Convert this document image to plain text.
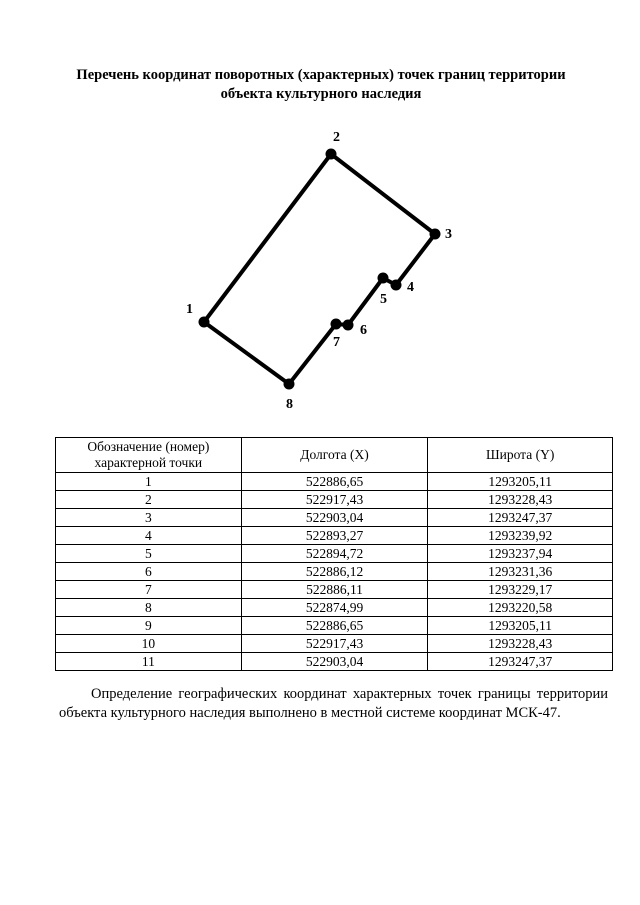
Перечень координат поворотных (характерных) точек границ территории
объекта культурного наследия
1
2
3
4
5
6
7
8
Обозначение (номер) характерной точки	Долгота (X)	Широта (Y)
1	522886,65	1293205,11
2	522917,43	1293228,43
3	522903,04	1293247,37
4	522893,27	1293239,92
5	522894,72	1293237,94
6	522886,12	1293231,36
7	522886,11	1293229,17
8	522874,99	1293220,58
9	522886,65	1293205,11
10	522917,43	1293228,43
11	522903,04	1293247,37

Определение географических координат характерных точек границы территории объекта культурного наследия выполнено в местной системе координат МСК-47.
